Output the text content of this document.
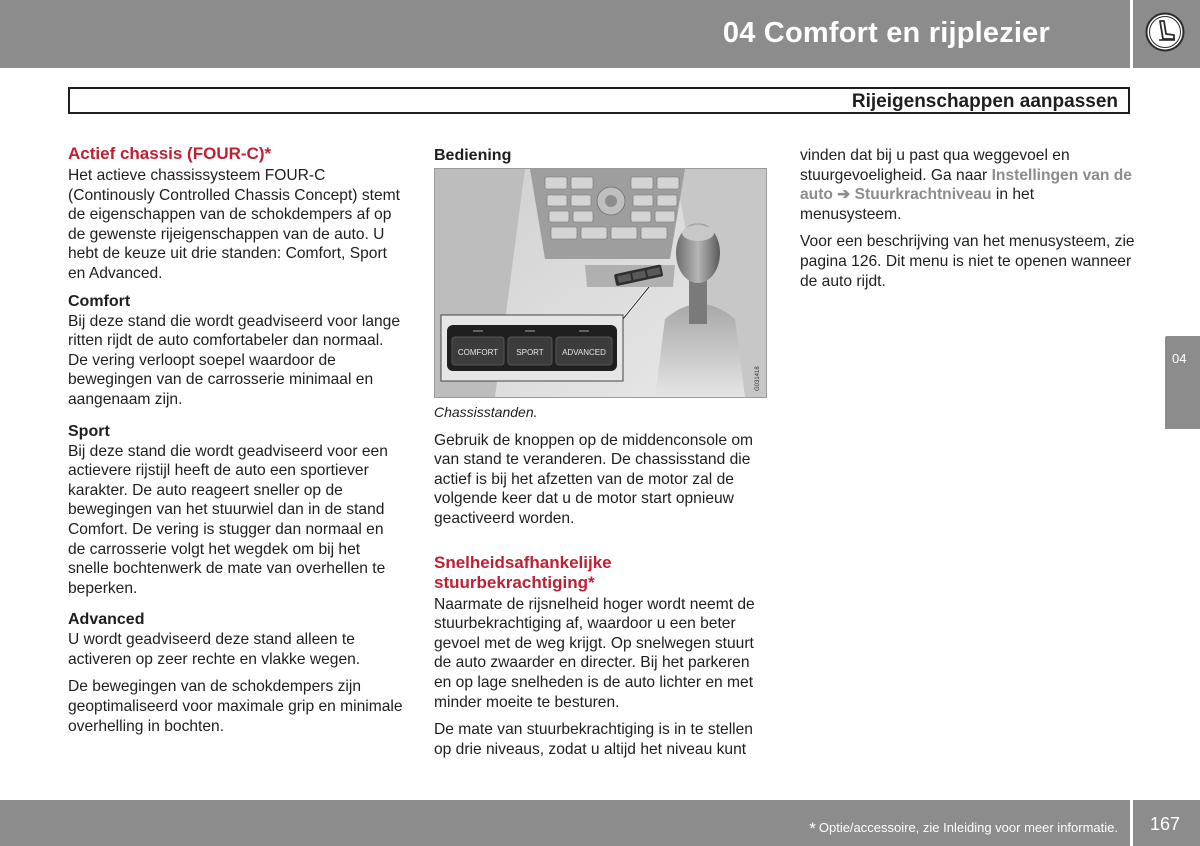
04 Comfort en rijplezier
Rijeigenschappen aanpassen
Actief chassis (FOUR-C)*

Het actieve chassissysteem FOUR-C (Continously Controlled Chassis Concept) stemt de eigenschappen van de schokdempers af op de gewenste rijeigenschappen van de auto. U hebt de keuze uit drie standen: Comfort, Sport en Advanced.

Comfort
Bij deze stand die wordt geadviseerd voor lange ritten rijdt de auto comfortabeler dan normaal. De vering verloopt soepel waardoor de bewegingen van de carrosserie minimaal en aangenaam zijn.
Sport
Bij deze stand die wordt geadviseerd voor een actievere rijstijl heeft de auto een sportiever karakter. De auto reageert sneller op de bewegingen van het stuurwiel dan in de stand Comfort. De vering is stugger dan normaal en de carrosserie volgt het wegdek om bij het snelle bochtenwerk de mate van overhellen te beperken.
Advanced
U wordt geadviseerd deze stand alleen te activeren op zeer rechte en vlakke wegen.

De bewegingen van de schokdempers zijn geoptimaliseerd voor maximale grip en minimale overhelling in bochten.

Bediening
COMFORT SPORT ADVANCED
G031418
Chassisstanden.

Gebruik de knoppen op de middenconsole om van stand te veranderen. De chassisstand die actief is bij het afzetten van de motor zal de volgende keer dat u de motor start opnieuw geactiveerd worden.

Snelheidsafhankelijke stuurbekrachtiging*

Naarmate de rijsnelheid hoger wordt neemt de stuurbekrachtiging af, waardoor u een beter gevoel met de weg krijgt. Op snelwegen stuurt de auto zwaarder en directer. Bij het parkeren en op lage snelheden is de auto lichter en met minder moeite te besturen.

De mate van stuurbekrachtiging is in te stellen op drie niveaus, zodat u altijd het niveau kunt

vinden dat bij u past qua weggevoel en stuurgevoeligheid. Ga naar Instellingen van de auto ➔ Stuurkrachtniveau in het menusysteem.

Voor een beschrijving van het menusysteem, zie pagina 126. Dit menu is niet te openen wanneer de auto rijdt.

04
* Optie/accessoire, zie Inleiding voor meer informatie. 167
